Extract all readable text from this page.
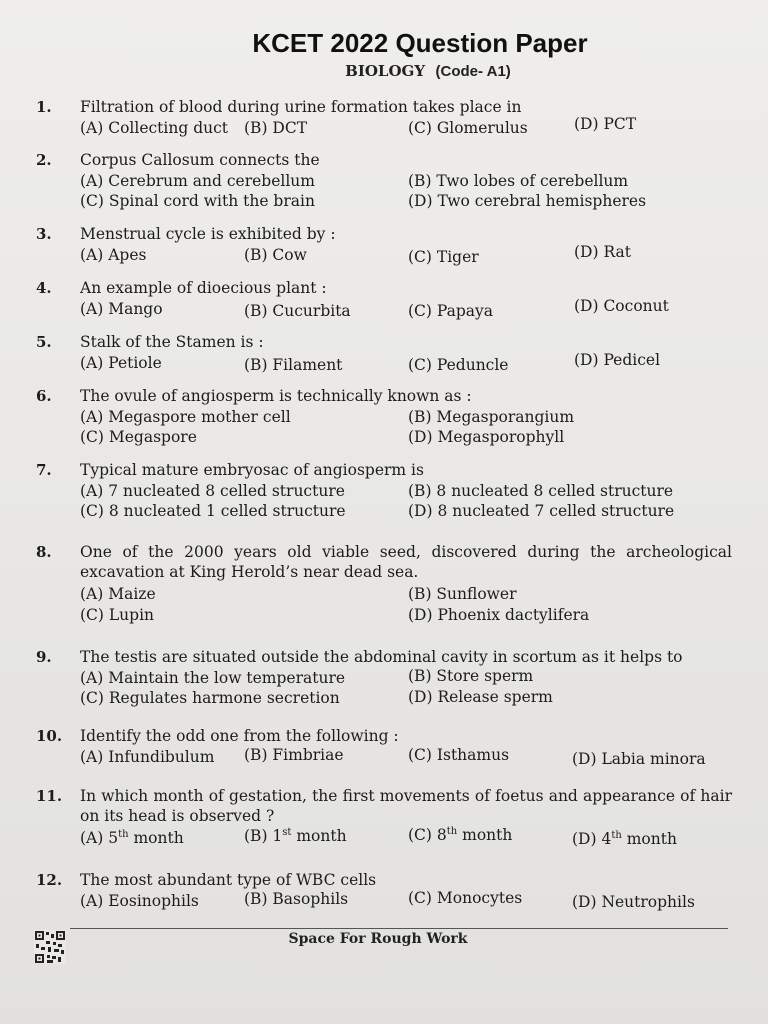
KCET 2022 Question Paper
BIOLOGY (Code- A1)
1. Filtration of blood during urine formation takes place in
(A) Collecting duct (B) DCT	(C) Glomerulus	(D) PCT
2. Corpus Callosum connects the
(A) Cerebrum and cerebellum	(B) Two lobes of cerebellum
(C) Spinal cord with the brain	(D) Two cerebral hemispheres
3. Menstrual cycle is exhibited by :
(A) Apes	(B) Cow	(C) Tiger	(D) Rat
4. An example of dioecious plant :
(A) Mango	(B) Cucurbita	(C) Papaya	(D) Coconut
5. Stalk of the Stamen is :
(A) Petiole	(B) Filament	(C) Peduncle	(D) Pedicel
6. The ovule of angiosperm is technically known as :
(A) Megaspore mother cell	(B) Megasporangium
(C) Megaspore	(D) Megasporophyll
7. Typical mature embryosac of angiosperm is
(A) 7 nucleated 8 celled structure	(B) 8 nucleated 8 celled structure
(C) 8 nucleated 1 celled structure	(D) 8 nucleated 7 celled structure
8. One of the 2000 years old viable seed, discovered during the archeological excavation at King Herold’s near dead sea.
(A) Maize	(B) Sunflower
(C) Lupin	(D) Phoenix dactylifera
9. The testis are situated outside the abdominal cavity in scortum as it helps to
(A) Maintain the low temperature	(B) Store sperm
(C) Regulates harmone secretion	(D) Release sperm
10. Identify the odd one from the following :
(A) Infundibulum (B) Fimbriae	(C) Isthamus	(D) Labia minora
11. In which month of gestation, the first movements of foetus and appearance of hair on its head is observed ?
(A) 5th month	(B) 1st month	(C) 8th month	(D) 4th month
12. The most abundant type of WBC cells
(A) Eosinophils	(B) Basophils	(C) Monocytes	(D) Neutrophils
Space For Rough Work
